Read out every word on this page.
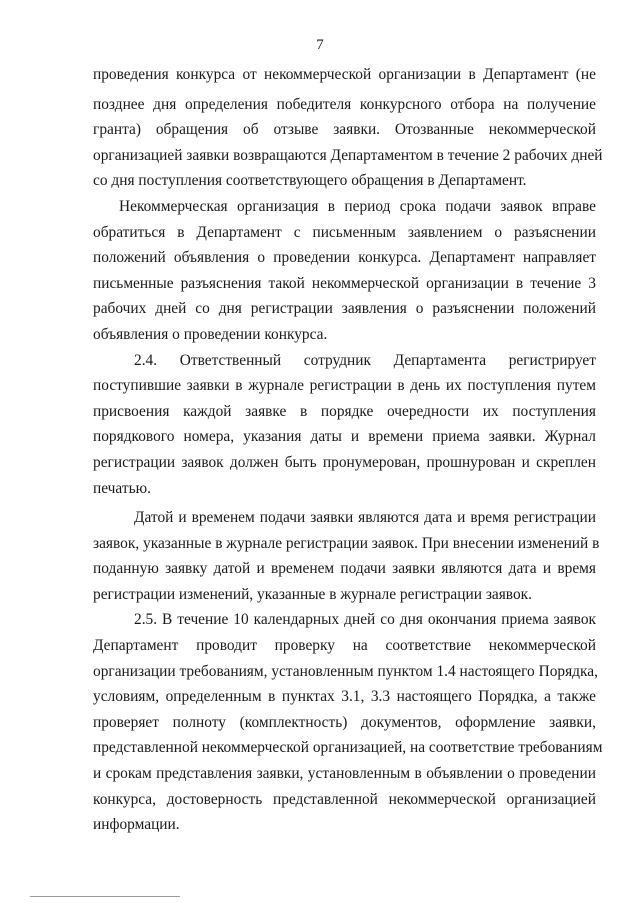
7
проведения конкурса от некоммерческой организации в Департамент (не
позднее дня определения победителя конкурсного отбора на получение
гранта) обращения об отзыве заявки. Отозванные некоммерческой
организацией заявки возвращаются Департаментом в течение 2 рабочих дней
со дня поступления соответствующего обращения в Департамент.
Некоммерческая организация в период срока подачи заявок вправе
обратиться в Департамент с письменным заявлением о разъяснении
положений объявления о проведении конкурса. Департамент направляет
письменные разъяснения такой некоммерческой организации в течение 3
рабочих дней со дня регистрации заявления о разъяснении положений
объявления о проведении конкурса.
2.4. Ответственный сотрудник Департамента регистрирует
поступившие заявки в журнале регистрации в день их поступления путем
присвоения каждой заявке в порядке очередности их поступления
порядкового номера, указания даты и времени приема заявки. Журнал
регистрации заявок должен быть пронумерован, прошнурован и скреплен
печатью.
Датой и временем подачи заявки являются дата и время регистрации
заявок, указанные в журнале регистрации заявок. При внесении изменений в
поданную заявку датой и временем подачи заявки являются дата и время
регистрации изменений, указанные в журнале регистрации заявок.
2.5. В течение 10 календарных дней со дня окончания приема заявок
Департамент проводит проверку на соответствие некоммерческой
организации требованиям, установленным пунктом 1.4 настоящего Порядка,
условиям, определенным в пунктах 3.1, 3.3 настоящего Порядка, а также
проверяет полноту (комплектность) документов, оформление заявки,
представленной некоммерческой организацией, на соответствие требованиям
и срокам представления заявки, установленным в объявлении о проведении
конкурса, достоверность представленной некоммерческой организацией
информации.
